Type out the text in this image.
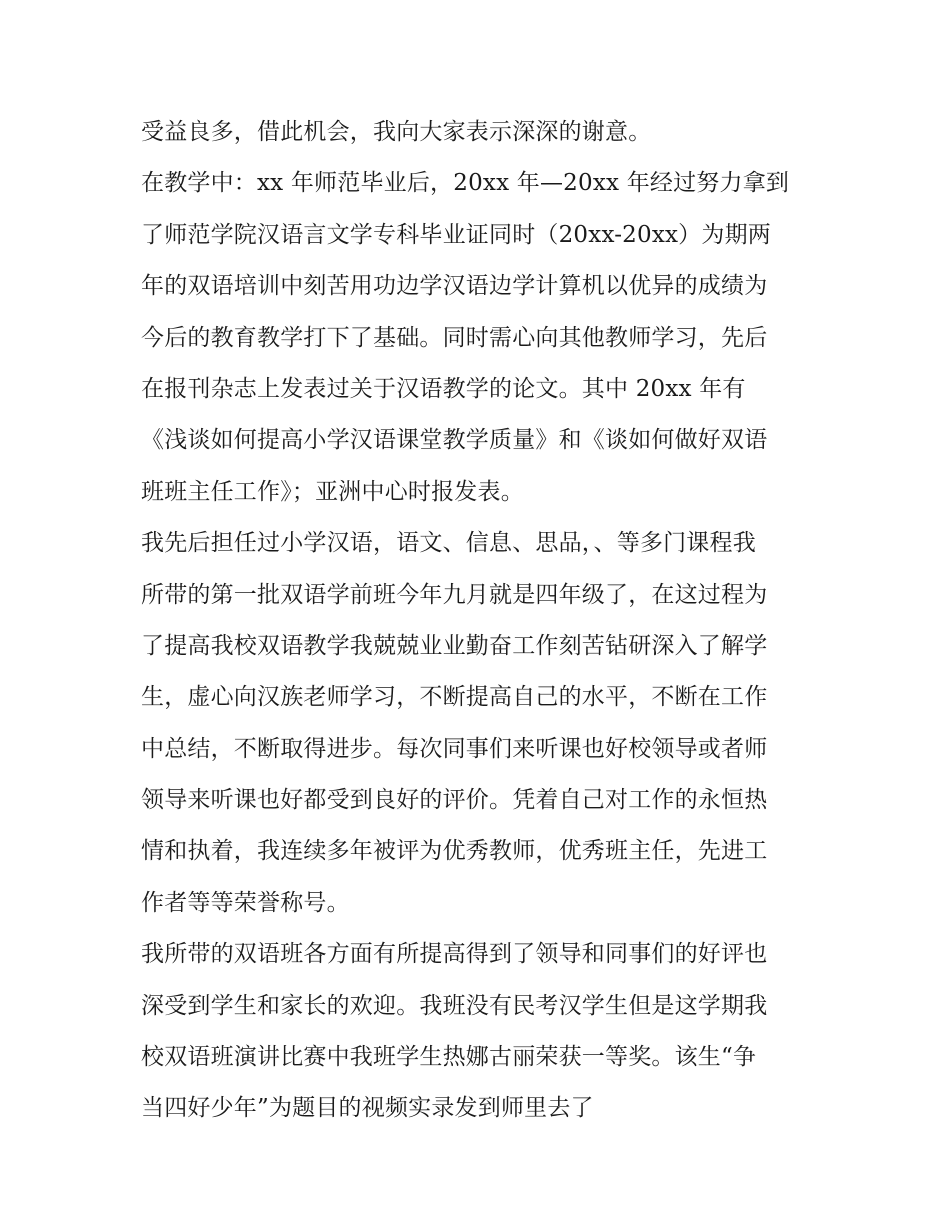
受益良多，借此机会，我向大家表示深深的谢意。
在教学中：xx 年师范毕业后，20xx 年—20xx 年经过努力拿到
了师范学院汉语言文学专科毕业证同时（20xx-20xx）为期两
年的双语培训中刻苦用功边学汉语边学计算机以优异的成绩为
今后的教育教学打下了基础。同时需心向其他教师学习，先后
在报刊杂志上发表过关于汉语教学的论文。其中 20xx 年有
《浅谈如何提高小学汉语课堂教学质量》和《谈如何做好双语
班班主任工作》；亚洲中心时报发表。
我先后担任过小学汉语，语文、信息、思品，、等多门课程我
所带的第一批双语学前班今年九月就是四年级了，在这过程为
了提高我校双语教学我兢兢业业勤奋工作刻苦钻研深入了解学
生，虚心向汉族老师学习，不断提高自己的水平，不断在工作
中总结，不断取得进步。每次同事们来听课也好校领导或者师
领导来听课也好都受到良好的评价。凭着自己对工作的永恒热
情和执着，我连续多年被评为优秀教师，优秀班主任，先进工
作者等等荣誉称号。
我所带的双语班各方面有所提高得到了领导和同事们的好评也
深受到学生和家长的欢迎。我班没有民考汉学生但是这学期我
校双语班演讲比赛中我班学生热娜古丽荣获一等奖。该生“争
当四好少年”为题目的视频实录发到师里去了
